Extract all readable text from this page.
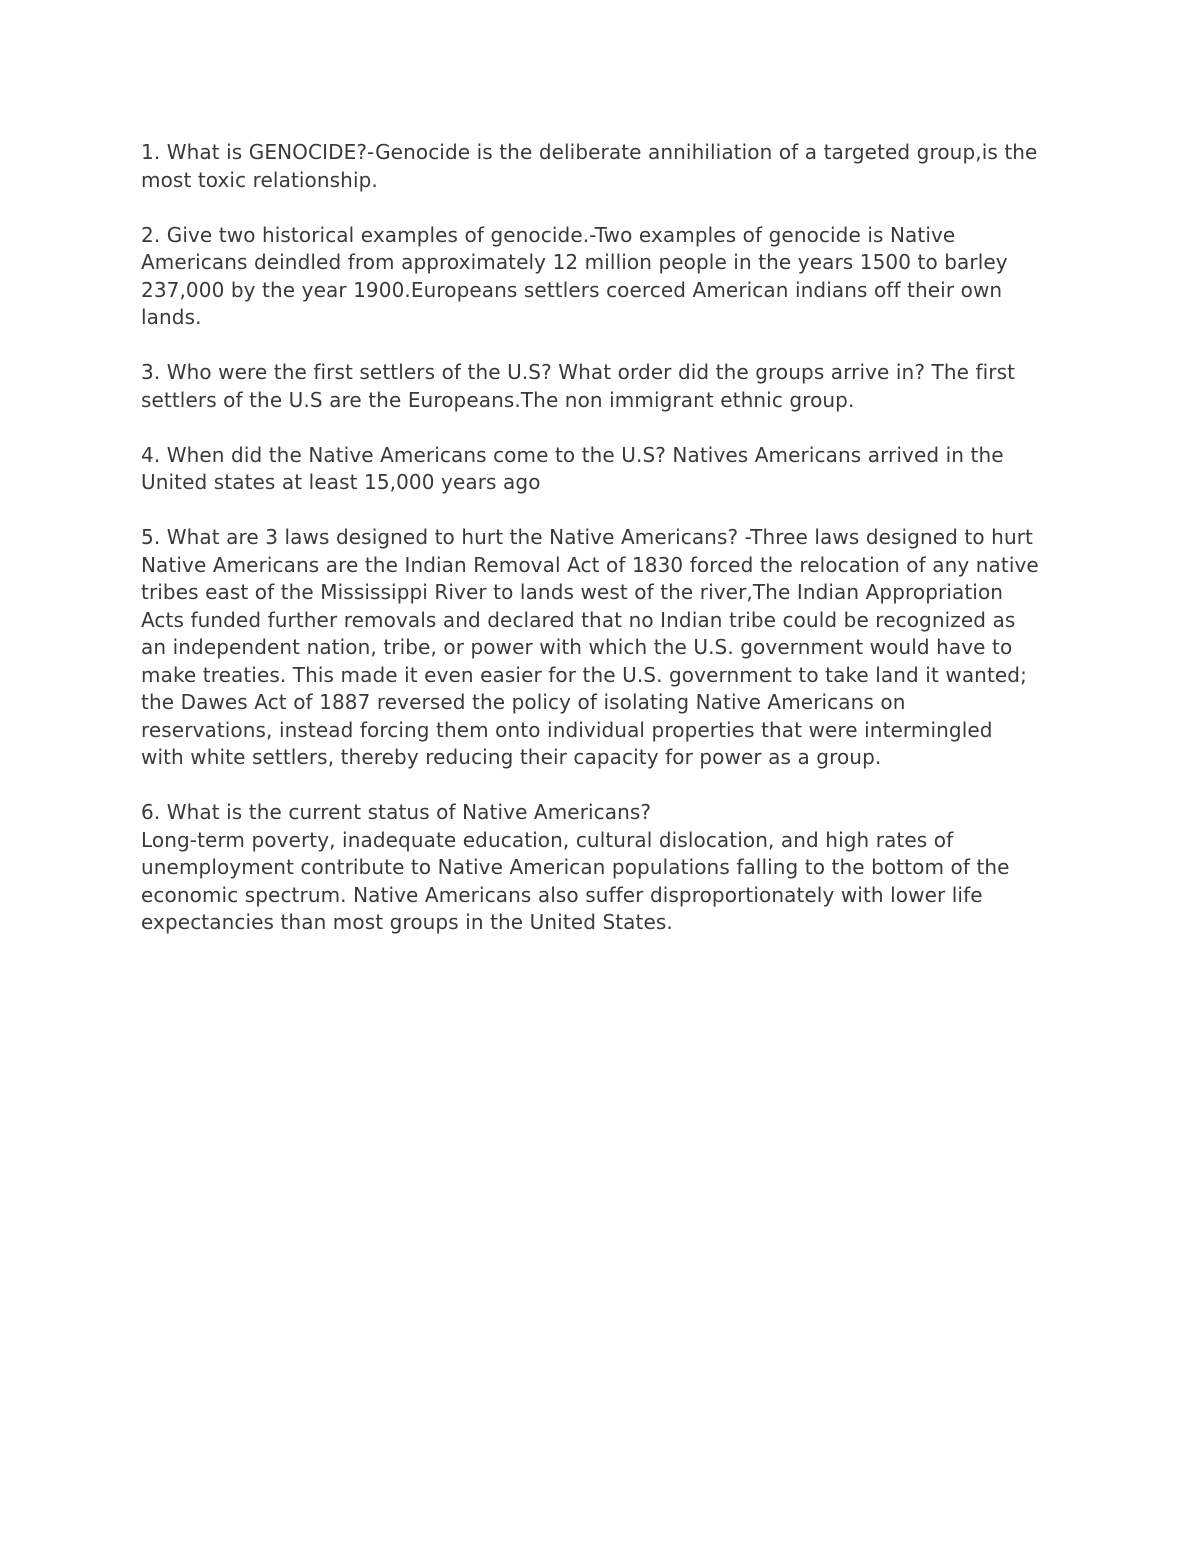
1. What is GENOCIDE?-Genocide is the deliberate annihiliation of a targeted group,is the
most toxic relationship.

2. Give two historical examples of genocide.-Two examples of genocide is Native
Americans deindled from approximately 12 million people in the years 1500 to barley
237,000 by the year 1900.Europeans settlers coerced American indians off their own
lands.

3. Who were the first settlers of the U.S? What order did the groups arrive in? The first
settlers of the U.S are the Europeans.The non immigrant ethnic group.

4. When did the Native Americans come to the U.S? Natives Americans arrived in the
United states at least 15,000 years ago

5. What are 3 laws designed to hurt the Native Americans? -Three laws designed to hurt
Native Americans are the Indian Removal Act of 1830 forced the relocation of any native
tribes east of the Mississippi River to lands west of the river,The Indian Appropriation
Acts funded further removals and declared that no Indian tribe could be recognized as
an independent nation, tribe, or power with which the U.S. government would have to
make treaties. This made it even easier for the U.S. government to take land it wanted;
the Dawes Act of 1887 reversed the policy of isolating Native Americans on
reservations, instead forcing them onto individual properties that were intermingled
with white settlers, thereby reducing their capacity for power as a group.

6. What is the current status of Native Americans?
Long-term poverty, inadequate education, cultural dislocation, and high rates of
unemployment contribute to Native American populations falling to the bottom of the
economic spectrum. Native Americans also suffer disproportionately with lower life
expectancies than most groups in the United States.
